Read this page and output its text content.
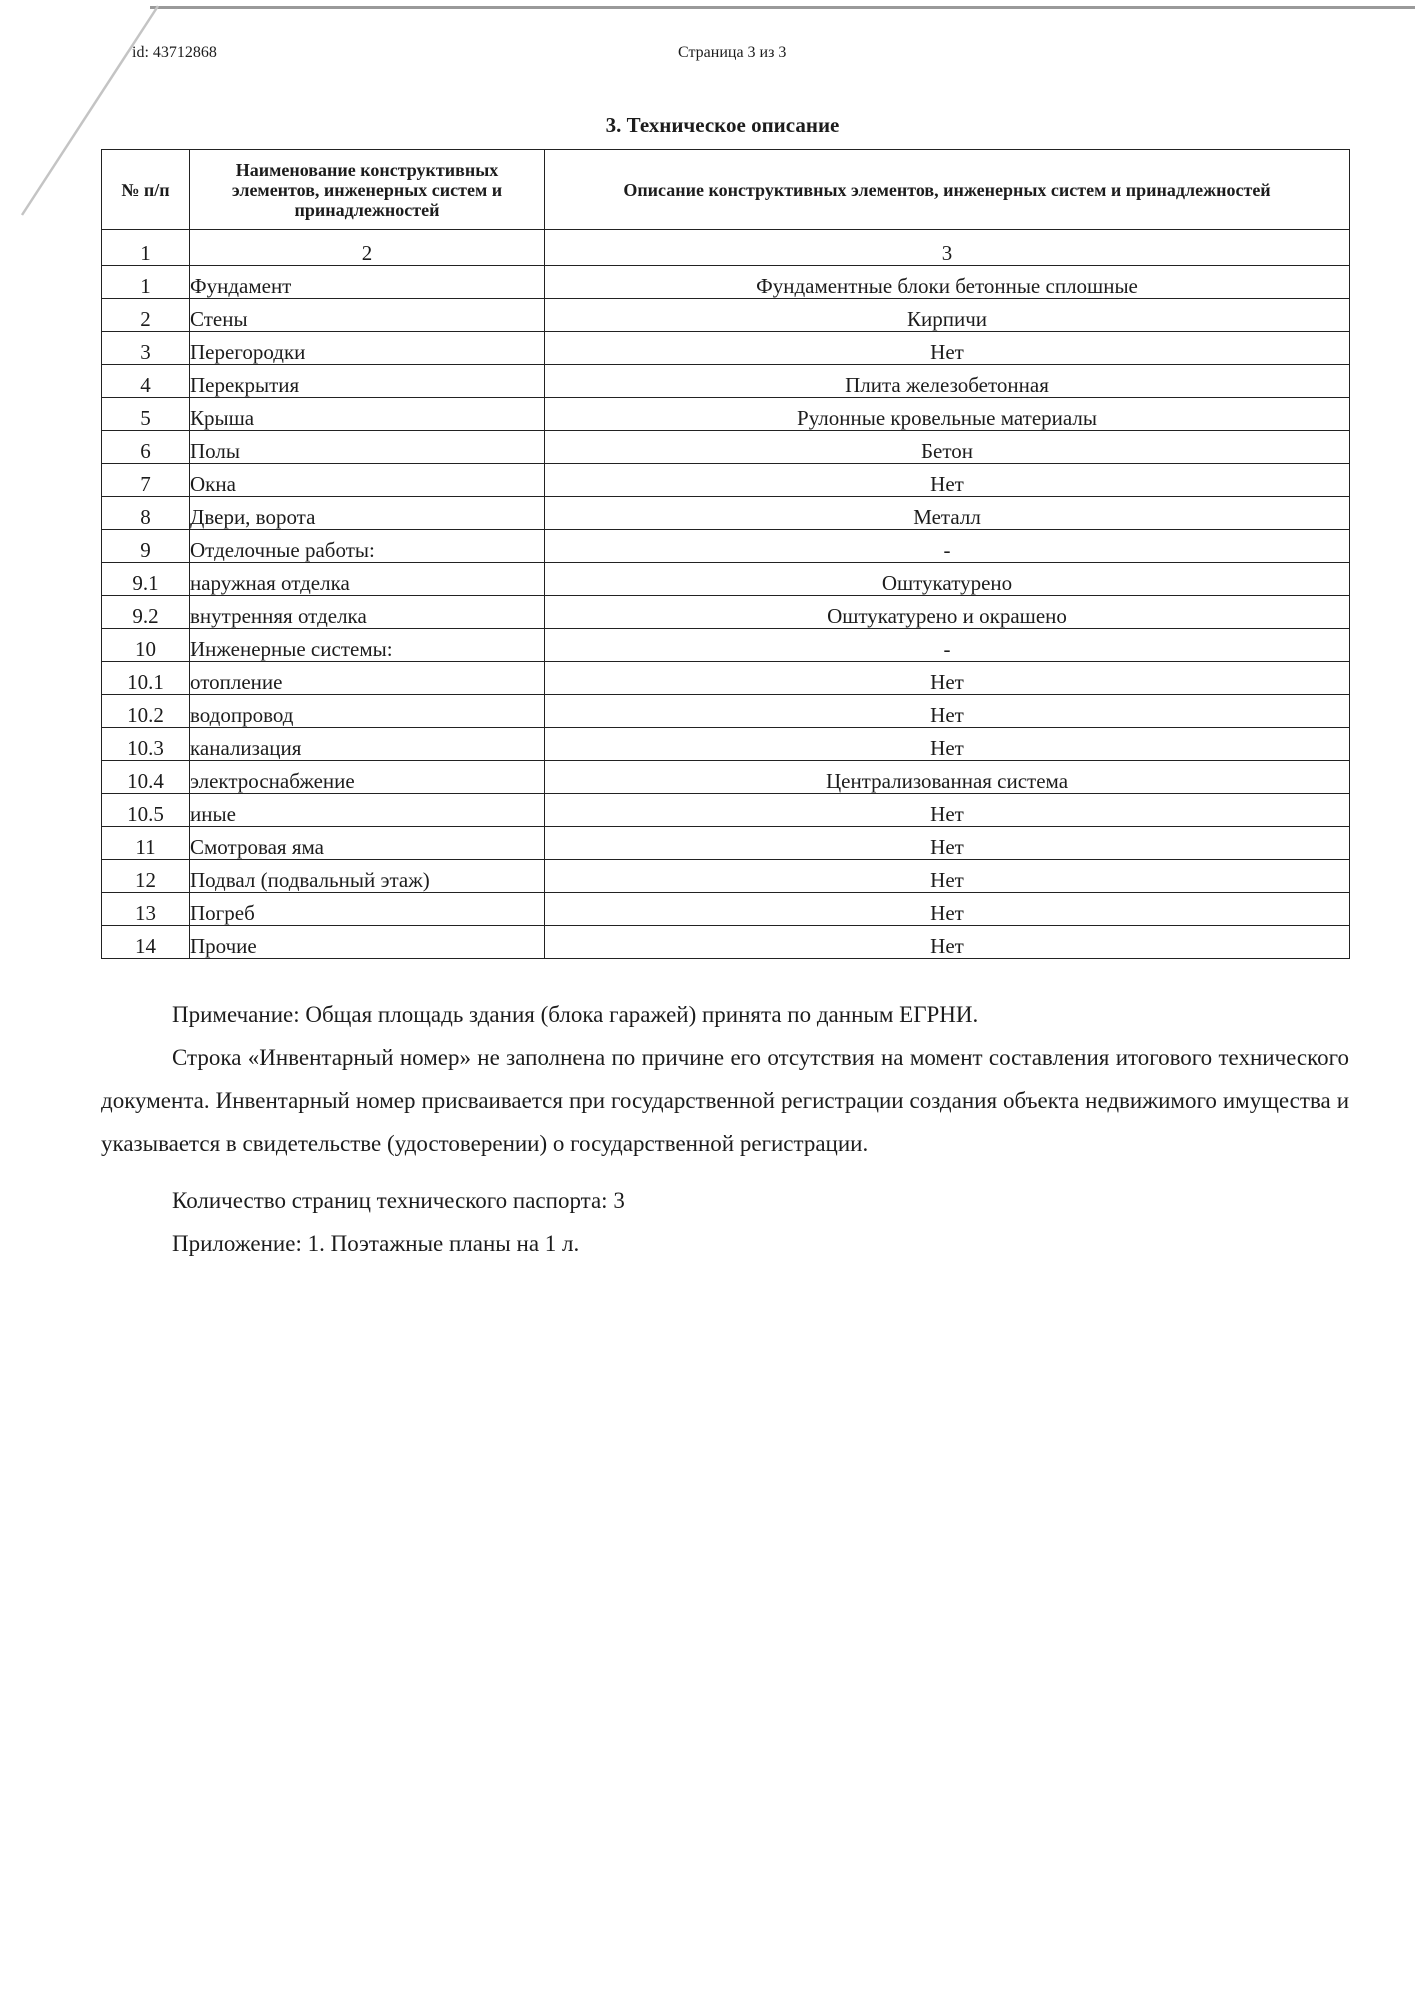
id: 43712868	Страница 3 из 3
3. Техническое описание
№ п/п	Наименование конструктивных элементов, инженерных систем и принадлежностей	Описание конструктивных элементов, инженерных систем и принадлежностей
1	2	3
1	Фундамент	Фундаментные блоки бетонные сплошные
2	Стены	Кирпичи
3	Перегородки	Нет
4	Перекрытия	Плита железобетонная
5	Крыша	Рулонные кровельные материалы
6	Полы	Бетон
7	Окна	Нет
8	Двери, ворота	Металл
9	Отделочные работы:	-
9.1	наружная отделка	Оштукатурено
9.2	внутренняя отделка	Оштукатурено и окрашено
10	Инженерные системы:	-
10.1	отопление	Нет
10.2	водопровод	Нет
10.3	канализация	Нет
10.4	электроснабжение	Централизованная система
10.5	иные	Нет
11	Смотровая яма	Нет
12	Подвал (подвальный этаж)	Нет
13	Погреб	Нет
14	Прочие	Нет

Примечание: Общая площадь здания (блока гаражей) принята по данным ЕГРНИ.

Строка «Инвентарный номер» не заполнена по причине его отсутствия на момент составления итогового технического документа. Инвентарный номер присваивается при государственной регистрации создания объекта недвижимого имущества и указывается в свидетельстве (удостоверении) о государственной регистрации.

Количество страниц технического паспорта: 3

Приложение: 1. Поэтажные планы на 1 л.
